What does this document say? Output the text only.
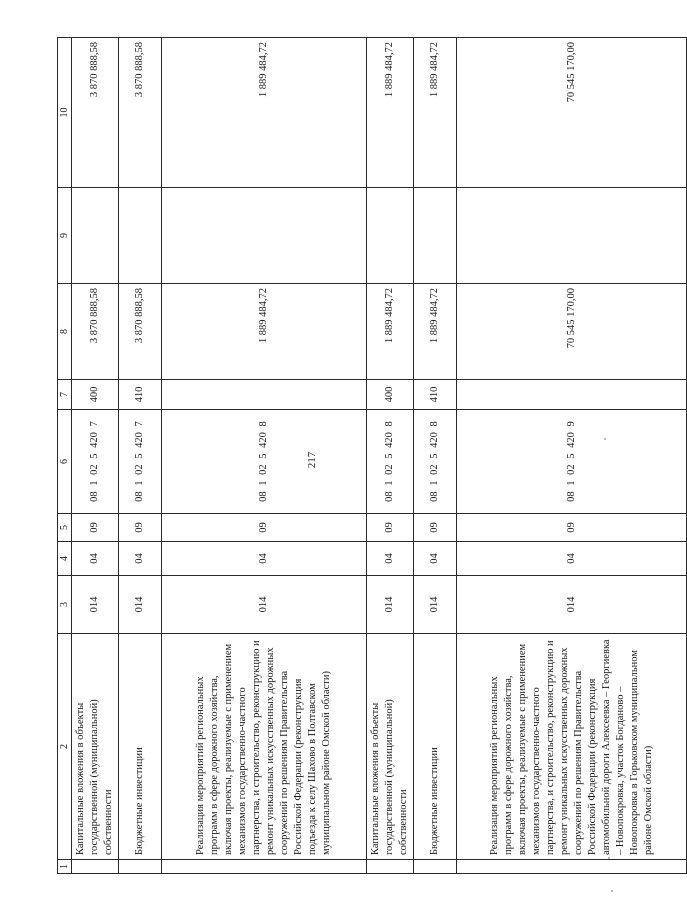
217
1	2	3	4	5	6	7	8	9	10
	Капитальные вложения в объекты государственной (муниципальной) собственности	014	04	09	08 1 02 5 420 7	400	3 870 888,58		3 870 888,58
	Бюджетные инвестиции	014	04	09	08 1 02 5 420 7	410	3 870 888,58		3 870 888,58
	Реализация мероприятий региональных программ в сфере дорожного хозяйства, включая проекты, реализуемые с применением механизмов государственно-частного партнерства, и строительство, реконструкцию и ремонт уникальных искусственных дорожных сооружений по решениям Правительства Российской Федерации (реконструкция подъезда к селу Шахово в Полтавском муниципальном районе Омской области)	014	04	09	08 1 02 5 420 8		1 889 484,72		1 889 484,72
	Капитальные вложения в объекты государственной (муниципальной) собственности	014	04	09	08 1 02 5 420 8	400	1 889 484,72		1 889 484,72
	Бюджетные инвестиции	014	04	09	08 1 02 5 420 8	410	1 889 484,72		1 889 484,72
	Реализация мероприятий региональных программ в сфере дорожного хозяйства, включая проекты, реализуемые с применением механизмов государственно-частного партнерства, и строительство, реконструкцию и ремонт уникальных искусственных дорожных сооружений по решениям Правительства Российской Федерации (реконструкция автомобильной дороги Алексеевка – Георгиевка – Новопокровка, участок Богданово – Новопокровка в Горьковском муниципальном районе Омской области)	014	04	09	08 1 02 5 420 9		70 545 170,00		70 545 170,00
